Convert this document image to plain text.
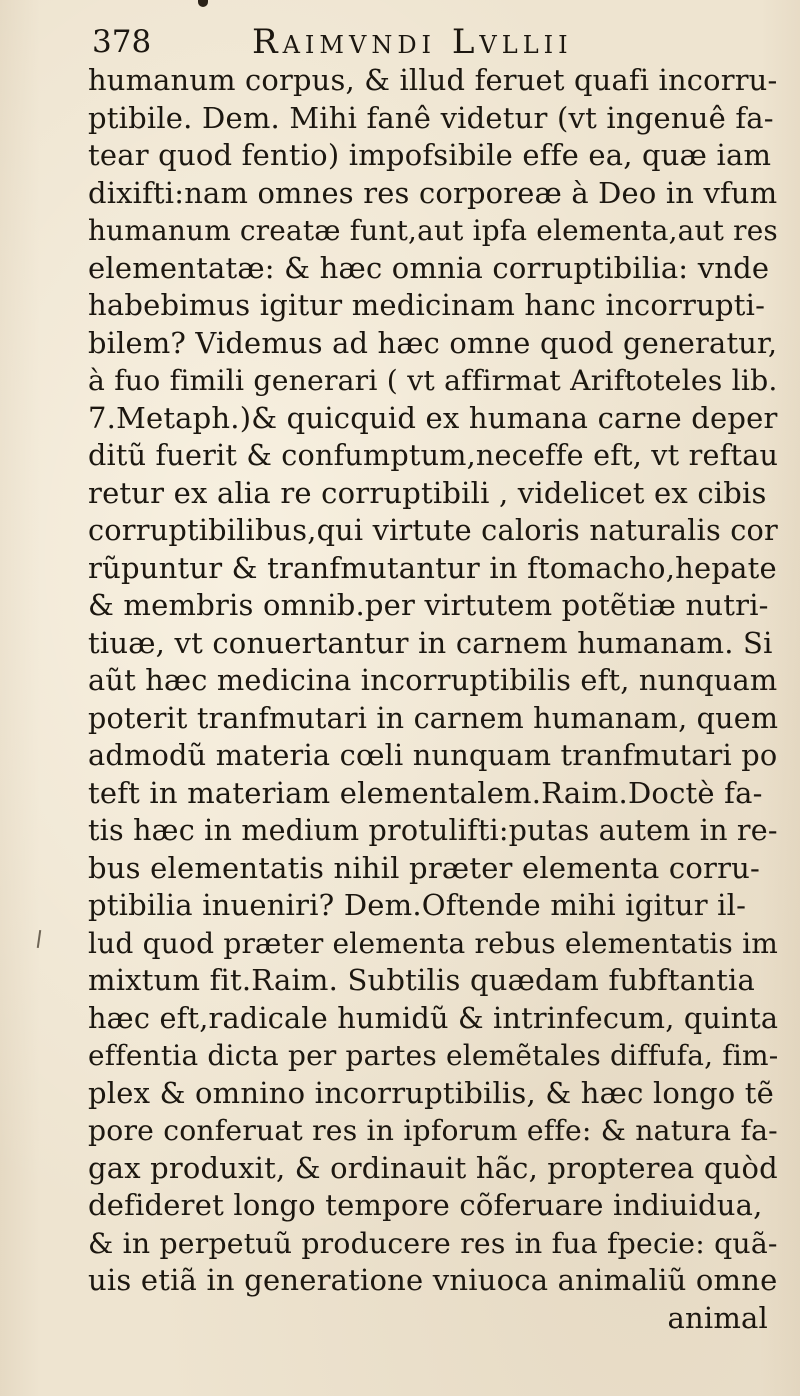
378	Raimvndi Lvllii
humanum corpus, & illud feruet quafi incorru-
ptibile. Dem. Mihi fanê videtur (vt ingenuê fa-
tear quod fentio) impofsibile effe ea, quæ iam
dixifti:nam omnes res corporeæ à Deo in vfum
humanum creatæ funt,aut ipfa elementa,aut res
elementatæ: & hæc omnia corruptibilia: vnde
habebimus igitur medicinam hanc incorrupti-
bilem? Videmus ad hæc omne quod generatur,
à fuo fimili generari ( vt affirmat Ariftoteles lib.
7.Metaph.)& quicquid ex humana carne deper
ditũ fuerit & confumptum,neceffe eft, vt reftau
retur ex alia re corruptibili , videlicet ex cibis
corruptibilibus,qui virtute caloris naturalis cor
rũpuntur & tranfmutantur in ftomacho,hepate
& membris omnib.per virtutem potẽtiæ nutri-
tiuæ, vt conuertantur in carnem humanam. Si
aũt hæc medicina incorruptibilis eft, nunquam
poterit tranfmutari in carnem humanam, quem
admodũ materia cœli nunquam tranfmutari po
teft in materiam elementalem.Raim.Doctè fa-
tis hæc in medium protulifti:putas autem in re-
bus elementatis nihil præter elementa corru-
ptibilia inueniri? Dem.Oftende mihi igitur il-
lud quod præter elementa rebus elementatis im
mixtum fit.Raim. Subtilis quædam fubftantia
hæc eft,radicale humidũ & intrinfecum, quinta
effentia dicta per partes elemẽtales diffufa, fim-
plex & omnino incorruptibilis, & hæc longo tẽ
pore conferuat res in ipforum effe: & natura fa-
gax produxit, & ordinauit hãc, propterea quòd
defideret longo tempore cõferuare indiuidua,
& in perpetuũ producere res in fua fpecie: quã-
uis etiã in generatione vniuoca animaliũ omne
animal
